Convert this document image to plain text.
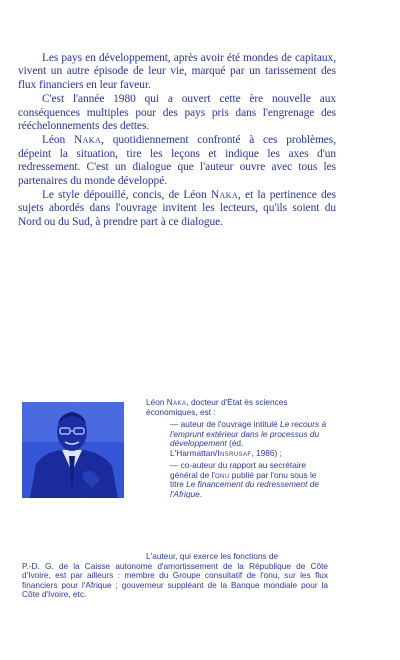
Les pays en développement, après avoir été mondes de capitaux, vivent un autre épisode de leur vie, marqué par un tarissement des flux financiers en leur faveur.

C'est l'année 1980 qui a ouvert cette ère nouvelle aux conséquences multiples pour des pays pris dans l'engrenage des rééchelonnements des dettes.

Léon Naka, quotidiennement confronté à ces problèmes, dépeint la situation, tire les leçons et indique les axes d'un redressement. C'est un dialogue que l'auteur ouvre avec tous les partenaires du monde développé.

Le style dépouillé, concis, de Léon Naka, et la pertinence des sujets abordés dans l'ouvrage invitent les lecteurs, qu'ils soient du Nord ou du Sud, à prendre part à ce dialogue.

Léon Naka, docteur d'État ès sciences économiques, est :

— auteur de l'ouvrage intitulé Le recours à l'emprunt extérieur dans le processus du développement (éd. L'Harmattan/Insrusaf, 1986) ;

— co-auteur du rapport au secrétaire général de l'onu publié par l'onu sous le titre Le financement du redressement de l'Afrique.

L'auteur, qui exerce les fonctions de
P.-D. G. de la Caisse autonome d'amortissement de la République de Côte d'Ivoire, est par ailleurs : membre du Groupe consultatif de l'onu, sur les flux financiers pour l'Afrique ; gouverneur suppléant de la Banque mondiale pour la Côte d'Ivoire, etc.
